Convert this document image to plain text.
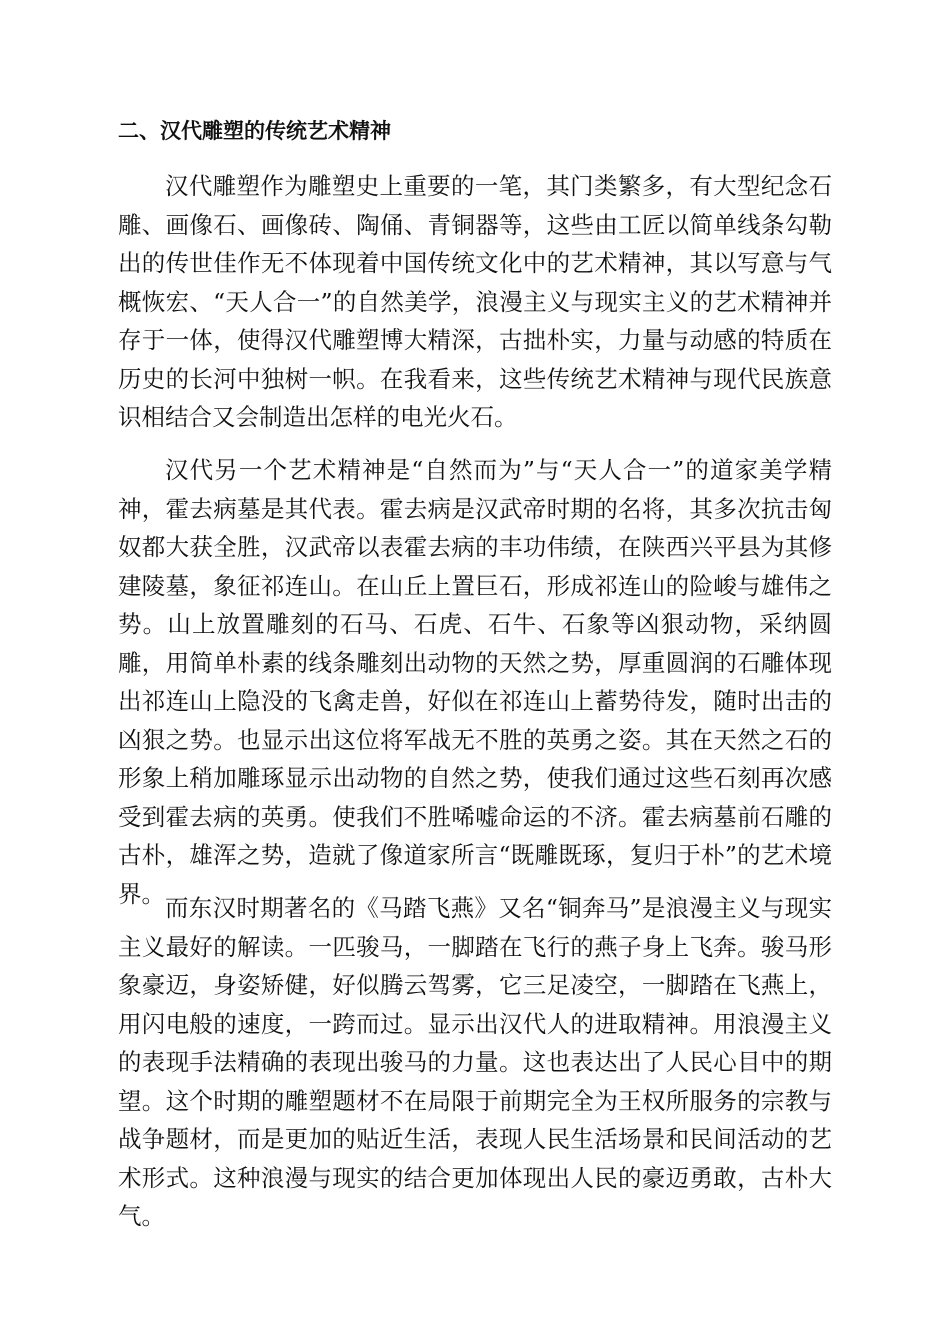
二、汉代雕塑的传统艺术精神

汉代雕塑作为雕塑史上重要的一笔，其门类繁多，有大型纪念石雕、画像石、画像砖、陶俑、青铜器等，这些由工匠以简单线条勾勒出的传世佳作无不体现着中国传统文化中的艺术精神，其以写意与气概恢宏、“天人合一”的自然美学，浪漫主义与现实主义的艺术精神并存于一体，使得汉代雕塑博大精深，古拙朴实，力量与动感的特质在历史的长河中独树一帜。在我看来，这些传统艺术精神与现代民族意识相结合又会制造出怎样的电光火石。

汉代另一个艺术精神是“自然而为”与“天人合一”的道家美学精神，霍去病墓是其代表。霍去病是汉武帝时期的名将，其多次抗击匈奴都大获全胜，汉武帝以表霍去病的丰功伟绩，在陕西兴平县为其修建陵墓，象征祁连山。在山丘上置巨石，形成祁连山的险峻与雄伟之势。山上放置雕刻的石马、石虎、石牛、石象等凶狠动物，采纳圆雕，用简单朴素的线条雕刻出动物的天然之势，厚重圆润的石雕体现出祁连山上隐没的飞禽走兽，好似在祁连山上蓄势待发，随时出击的凶狠之势。也显示出这位将军战无不胜的英勇之姿。其在天然之石的形象上稍加雕琢显示出动物的自然之势，使我们通过这些石刻再次感受到霍去病的英勇。使我们不胜唏嘘命运的不济。霍去病墓前石雕的古朴，雄浑之势，造就了像道家所言“既雕既琢，复归于朴”的艺术境界。

而东汉时期著名的《马踏飞燕》又名“铜奔马”是浪漫主义与现实主义最好的解读。一匹骏马，一脚踏在飞行的燕子身上飞奔。骏马形象豪迈，身姿矫健，好似腾云驾雾，它三足凌空，一脚踏在飞燕上，用闪电般的速度，一跨而过。显示出汉代人的进取精神。用浪漫主义的表现手法精确的表现出骏马的力量。这也表达出了人民心目中的期望。这个时期的雕塑题材不在局限于前期完全为王权所服务的宗教与战争题材，而是更加的贴近生活，表现人民生活场景和民间活动的艺术形式。这种浪漫与现实的结合更加体现出人民的豪迈勇敢，古朴大气。
